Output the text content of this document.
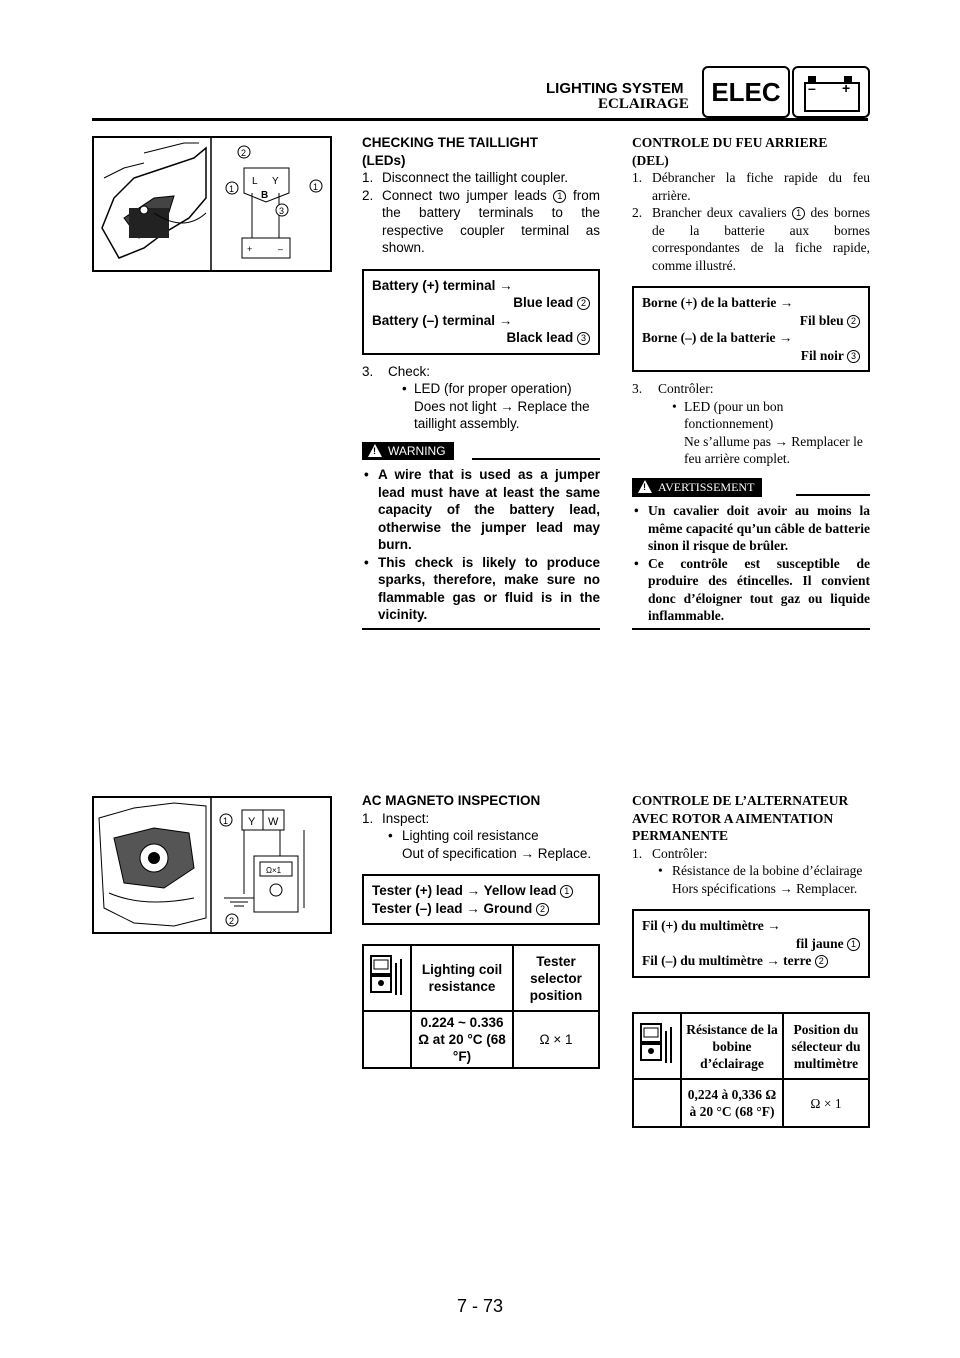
LIGHTING SYSTEM
ECLAIRAGE ELEC	– +
L Y
B
+	–
1	1
2
3

CHECKING THE TAILLIGHT

(LEDs)

1. Disconnect the taillight coupler.

2. Connect two jumper leads 1 from the battery terminals to the respective coupler terminal as shown.

Battery (+) terminal →
Blue lead 2
Battery (–) terminal →
Black lead 3

3. Check:

• LED (for proper operation)

Does not light → Replace the taillight assembly.

! WARNING

• A wire that is used as a jumper lead must have at least the same capacity of the battery lead, otherwise the jumper lead may burn.

• This check is likely to produce sparks, therefore, make sure no flammable gas or fluid is in the vicinity.

CONTROLE DU FEU ARRIERE

(DEL)

1. Débrancher la fiche rapide du feu arrière.

2. Brancher deux cavaliers 1 des bornes de la batterie aux bornes correspondantes de la fiche rapide, comme illustré.

Borne (+) de la batterie →
Fil bleu 2
Borne (–) de la batterie →
Fil noir 3

3. Contrôler:

• LED (pour un bon fonctionnement)

Ne s’allume pas → Remplacer le feu arrière complet.

! AVERTISSEMENT

• Un cavalier doit avoir au moins la même capacité qu’un câble de batterie sinon il risque de brûler.

• Ce contrôle est susceptible de produire des étincelles. Il convient donc d’éloigner tout gaz ou liquide inflammable.

Y W
Ω×1
1
2

AC MAGNETO INSPECTION

1. Inspect:

• Lighting coil resistance

Out of specification → Replace.

Tester (+) lead → Yellow lead 1
Tester (–) lead → Ground 2
	Lighting coil resistance	Tester selector position
	0.224 ~ 0.336 Ω at 20 °C (68 °F)	Ω × 1

CONTROLE DE L’ALTERNATEUR

AVEC ROTOR A AIMENTATION

PERMANENTE

1. Contrôler:

• Résistance de la bobine d’éclairage

Hors spécifications → Remplacer.

Fil (+) du multimètre →
fil jaune 1
Fil (–) du multimètre → terre 2
	Résistance de la bobine d’éclairage	Position du sélecteur du multimètre
	0,224 à 0,336 Ω à 20 °C (68 °F)	Ω × 1
7 - 73
